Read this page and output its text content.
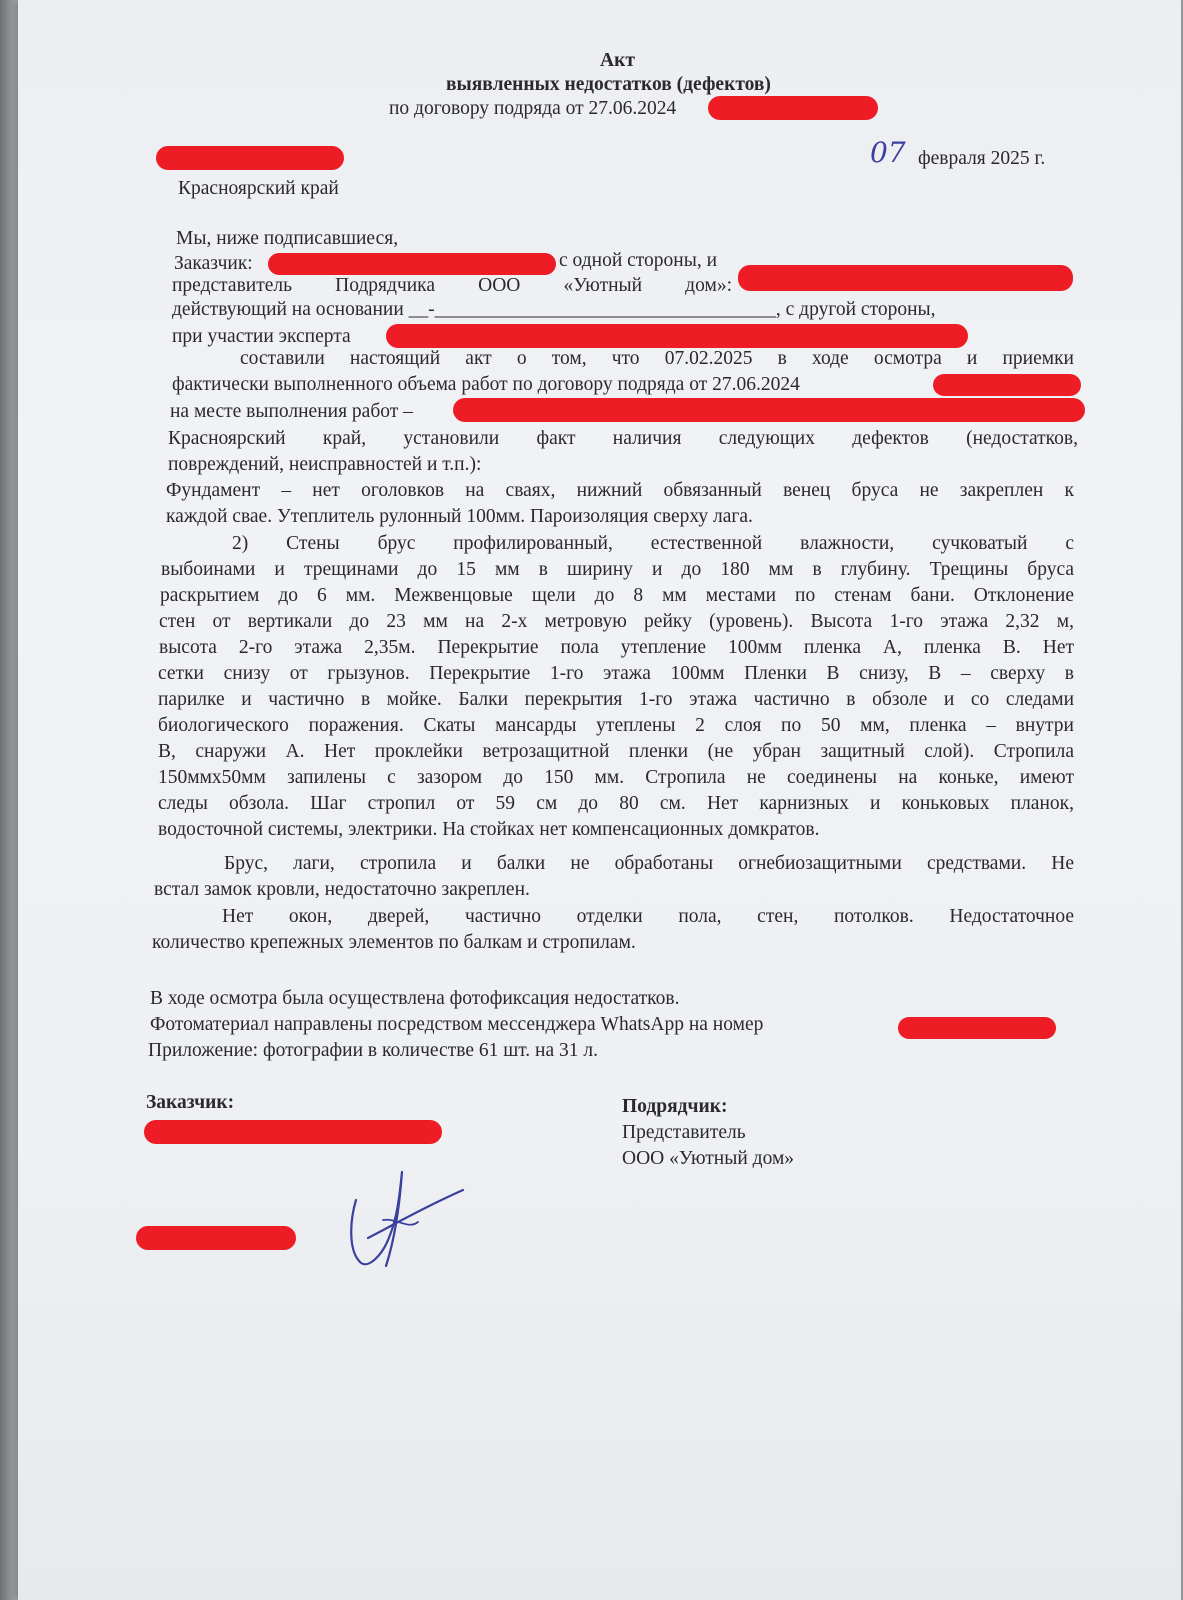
Акт

выявленных недостатков (дефектов)

по договору подряда от 27.06.2024

07 февраля 2025 г.

Красноярский край

Мы, ниже подписавшиеся,

Заказчик:	с одной стороны, и

представитель Подрядчика ООО «Уютный дом»:

действующий на основании __-___________________________________, с другой стороны,

при участии эксперта

составили настоящий акт о том, что 07.02.2025 в ходе осмотра и приемки

фактически выполненного объема работ по договору подряда от 27.06.2024

на месте выполнения работ –

Красноярский край, установили факт наличия следующих дефектов (недостатков,

повреждений, неисправностей и т.п.):

Фундамент – нет оголовков на сваях, нижний обвязанный венец бруса не закреплен к

каждой свае. Утеплитель рулонный 100мм. Пароизоляция сверху лага.

2) Стены брус профилированный, естественной влажности, сучковатый с

выбоинами и трещинами до 15 мм в ширину и до 180 мм в глубину. Трещины бруса

раскрытием до 6 мм. Межвенцовые щели до 8 мм местами по стенам бани. Отклонение

стен от вертикали до 23 мм на 2-х метровую рейку (уровень). Высота 1-го этажа 2,32 м,

высота 2-го этажа 2,35м. Перекрытие пола утепление 100мм пленка А, пленка В. Нет

сетки снизу от грызунов. Перекрытие 1-го этажа 100мм Пленки В снизу, В – сверху в

парилке и частично в мойке. Балки перекрытия 1-го этажа частично в обзоле и со следами

биологического поражения. Скаты мансарды утеплены 2 слоя по 50 мм, пленка – внутри

В, снаружи А. Нет проклейки ветрозащитной пленки (не убран защитный слой). Стропила

150ммх50мм запилены с зазором до 150 мм. Стропила не соединены на коньке, имеют

следы обзола. Шаг стропил от 59 см до 80 см. Нет карнизных и коньковых планок,

водосточной системы, электрики. На стойках нет компенсационных домкратов.

Брус, лаги, стропила и балки не обработаны огнебиозащитными средствами. Не

встал замок кровли, недостаточно закреплен.

Нет окон, дверей, частично отделки пола, стен, потолков. Недостаточное

количество крепежных элементов по балкам и стропилам.

В ходе осмотра была осуществлена фотофиксация недостатков.

Фотоматериал направлены посредством мессенджера WhatsApp на номер

Приложение: фотографии в количестве 61 шт. на 31 л.

Заказчик:	Подрядчик:

Представитель

ООО «Уютный дом»
